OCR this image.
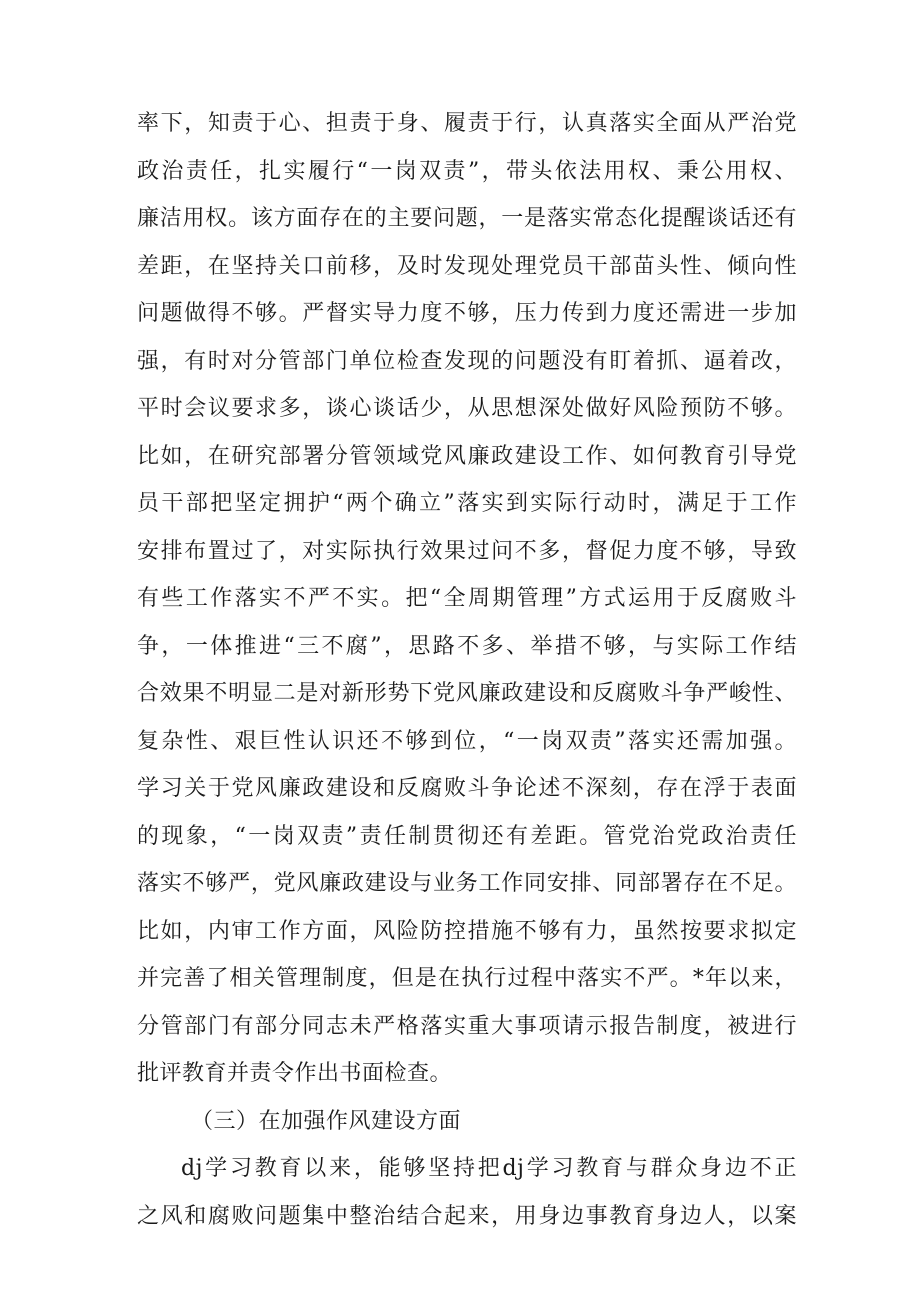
率下，知责于心、担责于身、履责于行，认真落实全面从严治党
政治责任，扎实履行“一岗双责”，带头依法用权、秉公用权、
廉洁用权。该方面存在的主要问题，一是落实常态化提醒谈话还有
差距，在坚持关口前移，及时发现处理党员干部苗头性、倾向性
问题做得不够。严督实导力度不够，压力传到力度还需进一步加
强，有时对分管部门单位检查发现的问题没有盯着抓、逼着改，
平时会议要求多，谈心谈话少，从思想深处做好风险预防不够。
比如，在研究部署分管领域党风廉政建设工作、如何教育引导党
员干部把坚定拥护“两个确立”落实到实际行动时，满足于工作
安排布置过了，对实际执行效果过问不多，督促力度不够，导致
有些工作落实不严不实。把“全周期管理”方式运用于反腐败斗
争，一体推进“三不腐”，思路不多、举措不够，与实际工作结
合效果不明显二是对新形势下党风廉政建设和反腐败斗争严峻性、
复杂性、艰巨性认识还不够到位，“一岗双责”落实还需加强。
学习关于党风廉政建设和反腐败斗争论述不深刻，存在浮于表面
的现象，“一岗双责”责任制贯彻还有差距。管党治党政治责任
落实不够严，党风廉政建设与业务工作同安排、同部署存在不足。
比如，内审工作方面，风险防控措施不够有力，虽然按要求拟定
并完善了相关管理制度，但是在执行过程中落实不严。*年以来，
分管部门有部分同志未严格落实重大事项请示报告制度，被进行
批评教育并责令作出书面检查。
（三）在加强作风建设方面
dj学习教育以来，能够坚持把dj学习教育与群众身边不正
之风和腐败问题集中整治结合起来，用身边事教育身边人，以案
